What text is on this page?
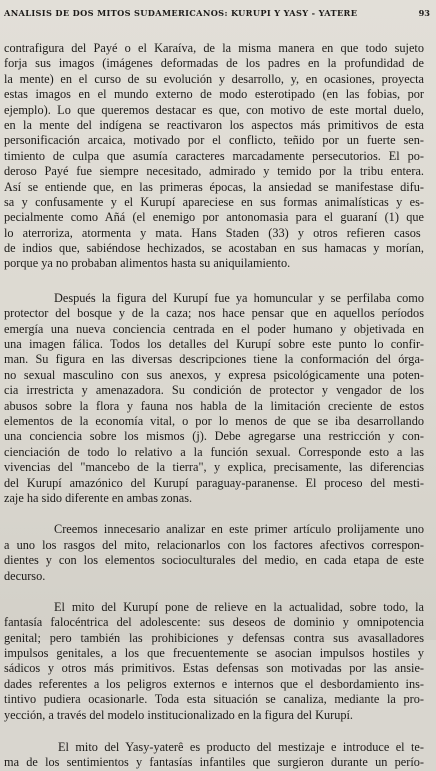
ANALISIS DE DOS MITOS SUDAMERICANOS: KURUPI Y YASY - YATERE	93
contrafigura del Payé o el Karaíva, de la misma manera en que todo sujeto
forja sus imagos (imágenes deformadas de los padres en la profundidad de
la mente) en el curso de su evolución y desarrollo, y, en ocasiones, proyecta
estas imagos en el mundo externo de modo esterotipado (en las fobias, por
ejemplo). Lo que queremos destacar es que, con motivo de este mortal duelo,
en la mente del indígena se reactivaron los aspectos más primitivos de esta
personificación arcaica, motivado por el conflicto, teñido por un fuerte sen-
timiento de culpa que asumía caracteres marcadamente persecutorios. El po-
deroso Payé fue siempre necesitado, admirado y temido por la tribu entera.
Así se entiende que, en las primeras épocas, la ansiedad se manifestase difu-
sa y confusamente y el Kurupí apareciese en sus formas animalísticas y es-
pecialmente como Añá (el enemigo por antonomasia para el guaraní (1) que
lo aterroriza, atormenta y mata. Hans Staden (33) y otros refieren casos
de indios que, sabiéndose hechizados, se acostaban en sus hamacas y morían,
porque ya no probaban alimentos hasta su aniquilamiento.
Después la figura del Kurupí fue ya homuncular y se perfilaba como
protector del bosque y de la caza; nos hace pensar que en aquellos períodos
emergía una nueva conciencia centrada en el poder humano y objetivada en
una imagen fálica. Todos los detalles del Kurupí sobre este punto lo confir-
man. Su figura en las diversas descripciones tiene la conformación del órga-
no sexual masculino con sus anexos, y expresa psicológicamente una poten-
cia irrestricta y amenazadora. Su condición de protector y vengador de los
abusos sobre la flora y fauna nos habla de la limitación creciente de estos
elementos de la economía vital, o por lo menos de que se iba desarrollando
una conciencia sobre los mismos (j). Debe agregarse una restricción y con-
cienciación de todo lo relativo a la función sexual. Corresponde esto a las
vivencias del "mancebo de la tierra", y explica, precisamente, las diferencias
del Kurupí amazónico del Kurupí paraguay-paranense. El proceso del mesti-
zaje ha sido diferente en ambas zonas.
Creemos innecesario analizar en este primer artículo prolijamente uno
a uno los rasgos del mito, relacionarlos con los factores afectivos correspon-
dientes y con los elementos socioculturales del medio, en cada etapa de este
decurso.
El mito del Kurupí pone de relieve en la actualidad, sobre todo, la
fantasía falocéntrica del adolescente: sus deseos de dominio y omnipotencia
genital; pero también las prohibiciones y defensas contra sus avasalladores
impulsos genitales, a los que frecuentemente se asocian impulsos hostiles y
sádicos y otros más primitivos. Estas defensas son motivadas por las ansie-
dades referentes a los peligros externos e internos que el desbordamiento ins-
tintivo pudiera ocasionarle. Toda esta situación se canaliza, mediante la pro-
yección, a través del modelo institucionalizado en la figura del Kurupí.
El mito del Yasy-yaterê es producto del mestizaje e introduce el te-
ma de los sentimientos y fantasías infantiles que surgieron durante un perío-
